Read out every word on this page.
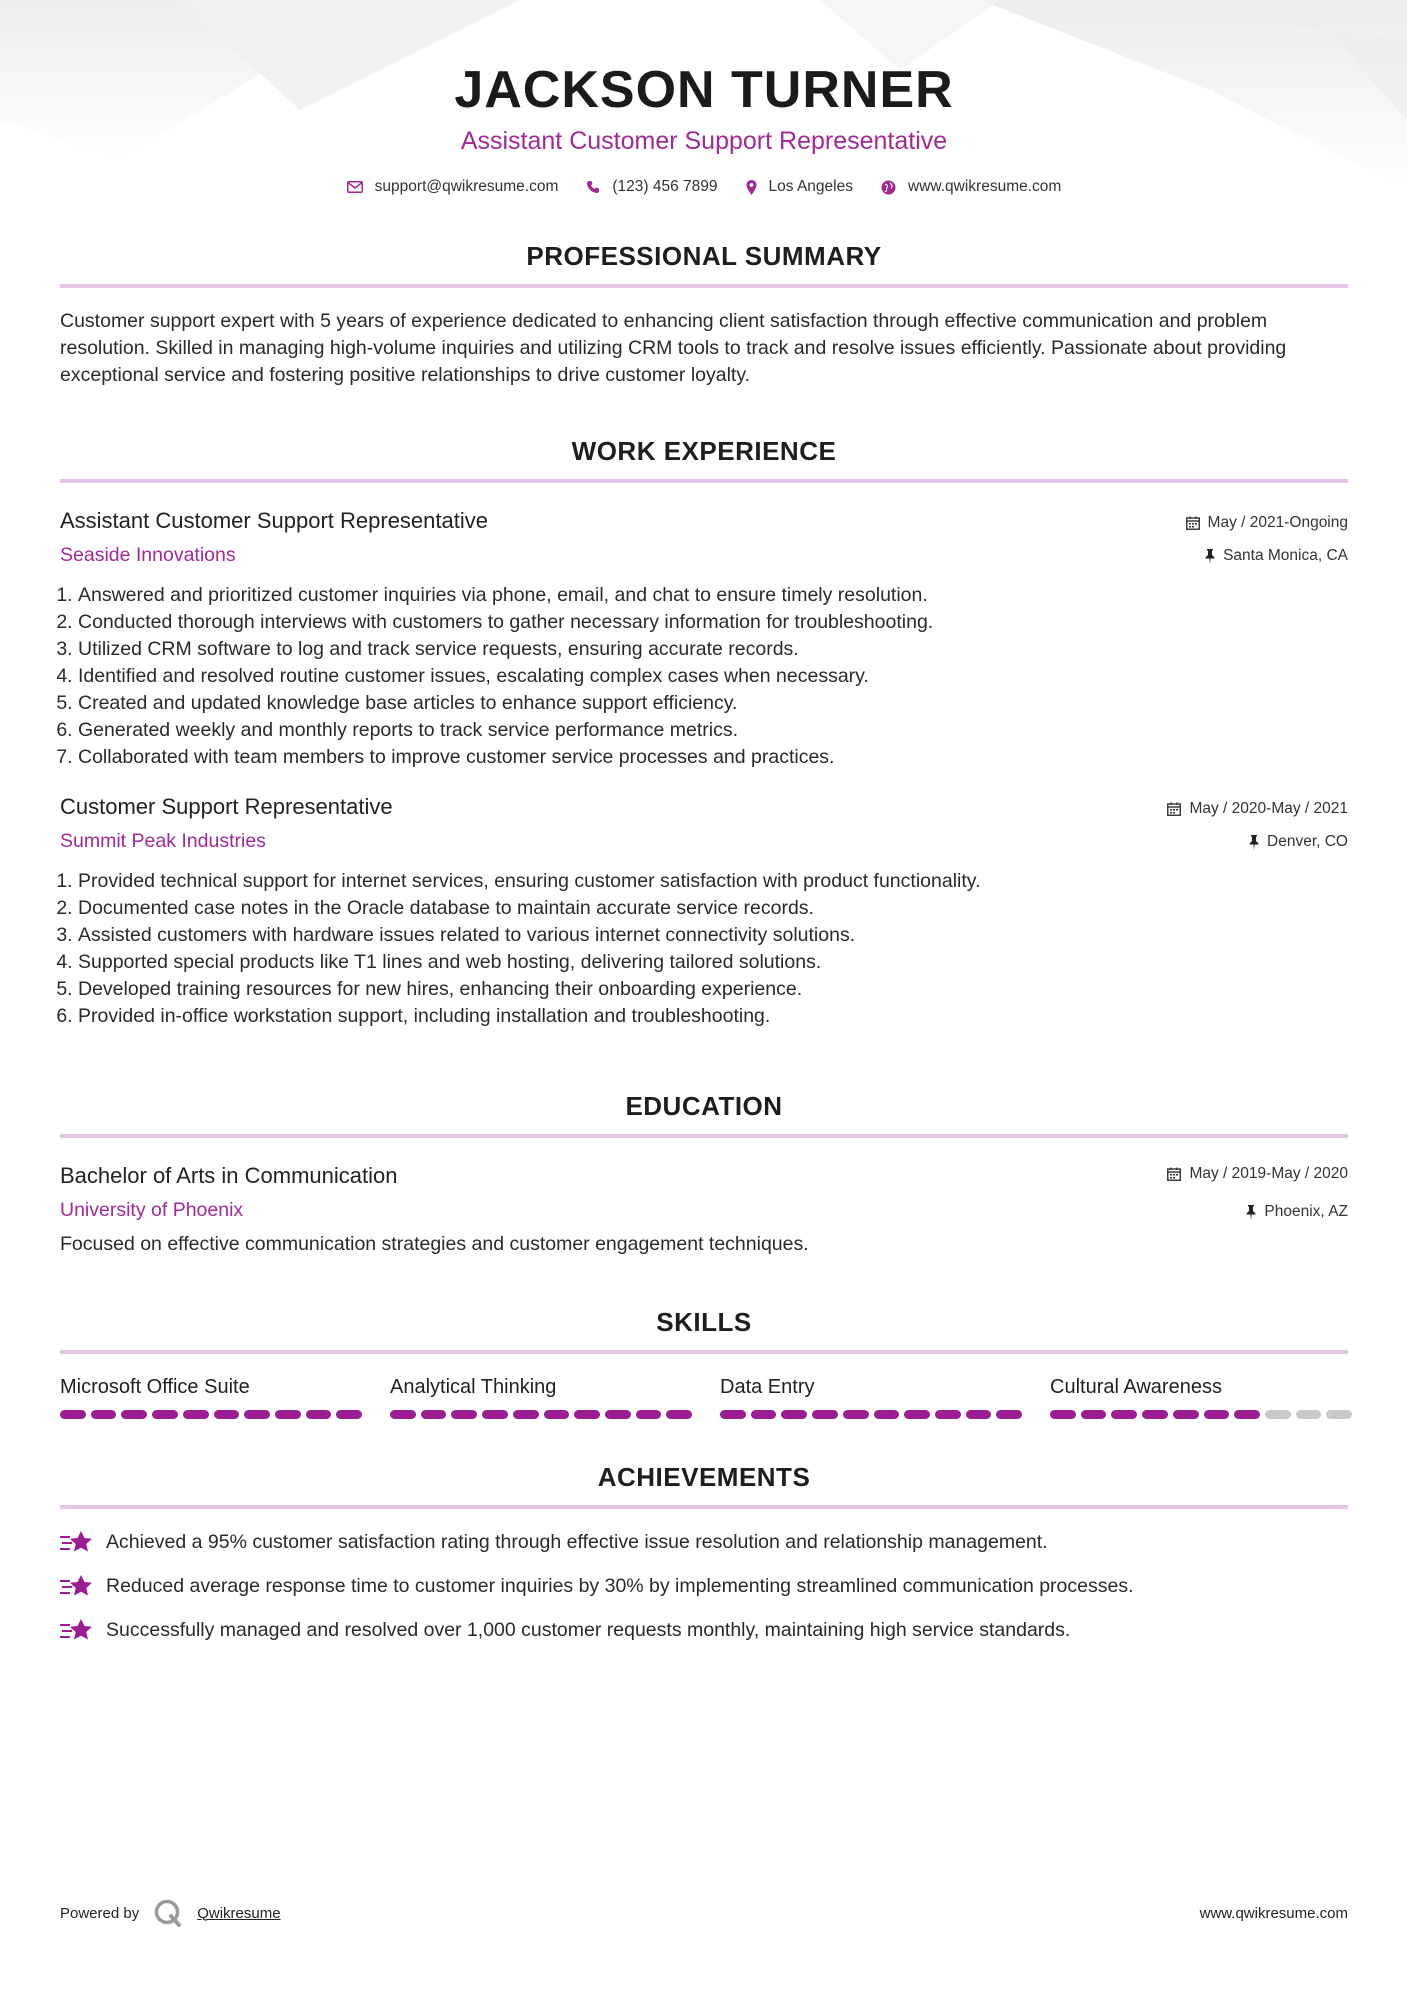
JACKSON TURNER
Assistant Customer Support Representative
support@qwikresume.com	(123) 456 7899	Los Angeles	www.qwikresume.com
PROFESSIONAL SUMMARY
Customer support expert with 5 years of experience dedicated to enhancing client satisfaction through effective communication and problem resolution. Skilled in managing high-volume inquiries and utilizing CRM tools to track and resolve issues efficiently. Passionate about providing exceptional service and fostering positive relationships to drive customer loyalty.
WORK EXPERIENCE
Assistant Customer Support Representative
Seaside Innovations
May / 2021-Ongoing
Santa Monica, CA
1. Answered and prioritized customer inquiries via phone, email, and chat to ensure timely resolution.
2. Conducted thorough interviews with customers to gather necessary information for troubleshooting.
3. Utilized CRM software to log and track service requests, ensuring accurate records.
4. Identified and resolved routine customer issues, escalating complex cases when necessary.
5. Created and updated knowledge base articles to enhance support efficiency.
6. Generated weekly and monthly reports to track service performance metrics.
7. Collaborated with team members to improve customer service processes and practices.
Customer Support Representative
Summit Peak Industries
May / 2020-May / 2021
Denver, CO
1. Provided technical support for internet services, ensuring customer satisfaction with product functionality.
2. Documented case notes in the Oracle database to maintain accurate service records.
3. Assisted customers with hardware issues related to various internet connectivity solutions.
4. Supported special products like T1 lines and web hosting, delivering tailored solutions.
5. Developed training resources for new hires, enhancing their onboarding experience.
6. Provided in-office workstation support, including installation and troubleshooting.
EDUCATION
Bachelor of Arts in Communication
University of Phoenix
May / 2019-May / 2020
Phoenix, AZ
Focused on effective communication strategies and customer engagement techniques.
SKILLS
Microsoft Office Suite	Analytical Thinking	Data Entry	Cultural Awareness
ACHIEVEMENTS
Achieved a 95% customer satisfaction rating through effective issue resolution and relationship management.
Reduced average response time to customer inquiries by 30% by implementing streamlined communication processes.
Successfully managed and resolved over 1,000 customer requests monthly, maintaining high service standards.
Powered by	Qwikresume	www.qwikresume.com
